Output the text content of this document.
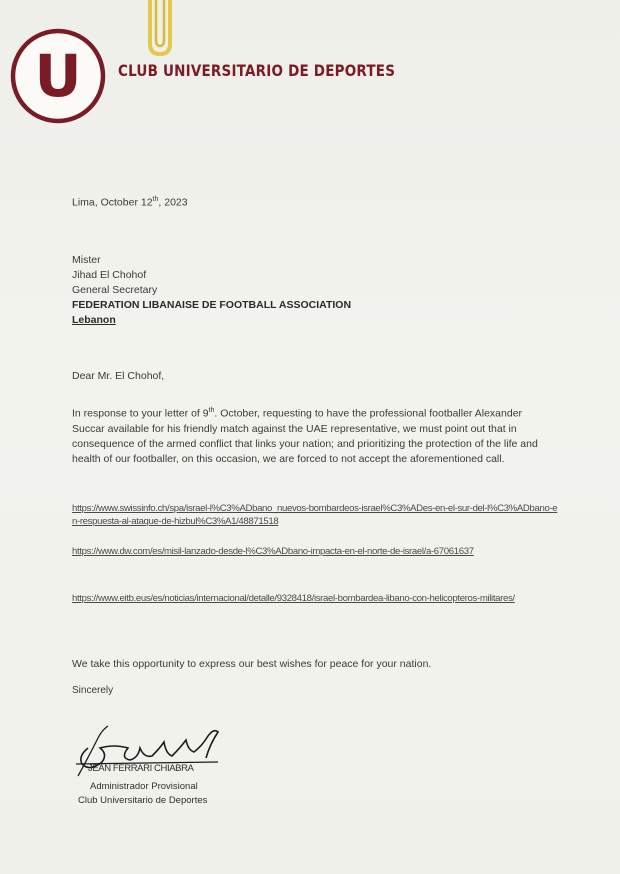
U	CLUB UNIVERSITARIO DE DEPORTES
Lima, October 12th, 2023
Mister
Jihad El Chohof
General Secretary
FEDERATION LIBANAISE DE FOOTBALL ASSOCIATION
Lebanon
Dear Mr. El Chohof,
In response to your letter of 9th. October, requesting to have the professional footballer Alexander Succar available for his friendly match against the UAE representative, we must point out that in consequence of the armed conflict that links your nation; and prioritizing the protection of the life and health of our footballer, on this occasion, we are forced to not accept the aforementioned call.
https://www.swissinfo.ch/spa/israel-l%C3%ADbano_nuevos-bombardeos-israel%C3%ADes-en-el-sur-del-l%C3%ADbano-en-respuesta-al-ataque-de-hizbul%C3%A1/48871518
https://www.dw.com/es/misil-lanzado-desde-l%C3%ADbano-impacta-en-el-norte-de-israel/a-67061637
https://www.eitb.eus/es/noticias/internacional/detalle/9328418/israel-bombardea-libano-con-helicopteros-militares/
We take this opportunity to express our best wishes for peace for your nation.
Sincerely
JEAN FERRARI CHIABRA
Administrador Provisional
Club Universitario de Deportes
